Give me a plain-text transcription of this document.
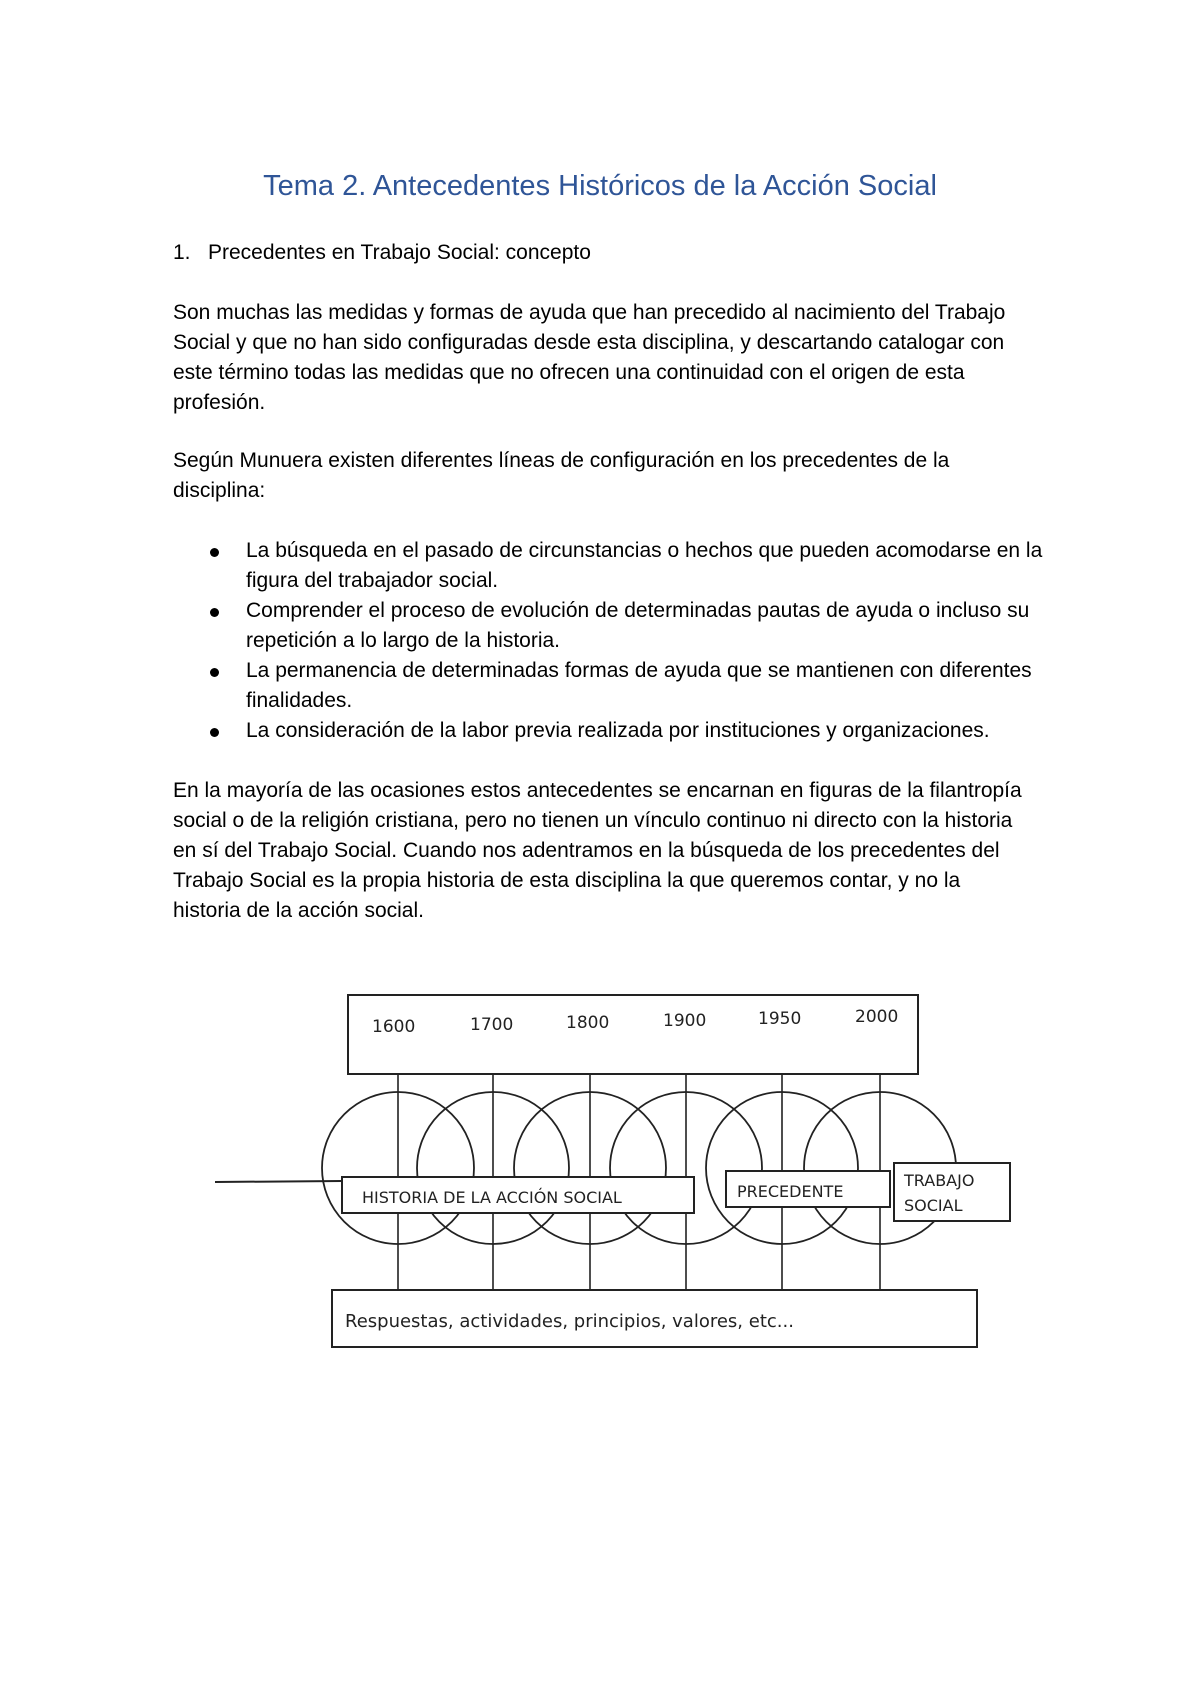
Tema 2. Antecedentes Históricos de la Acción Social
1. Precedentes en Trabajo Social: concepto
Son muchas las medidas y formas de ayuda que han precedido al nacimiento del Trabajo Social y que no han sido configuradas desde esta disciplina, y descartando catalogar con este término todas las medidas que no ofrecen una continuidad con el origen de esta profesión.
Según Munuera existen diferentes líneas de configuración en los precedentes de la disciplina:
La búsqueda en el pasado de circunstancias o hechos que pueden acomodarse en la figura del trabajador social.
Comprender el proceso de evolución de determinadas pautas de ayuda o incluso su repetición a lo largo de la historia.
La permanencia de determinadas formas de ayuda que se mantienen con diferentes finalidades.
La consideración de la labor previa realizada por instituciones y organizaciones.
En la mayoría de las ocasiones estos antecedentes se encarnan en figuras de la filantropía social o de la religión cristiana, pero no tienen un vínculo continuo ni directo con la historia en sí del Trabajo Social. Cuando nos adentramos en la búsqueda de los precedentes del Trabajo Social es la propia historia de esta disciplina la que queremos contar, y no la historia de la acción social.
1600	1700	1800	1900	1950	2000
HISTORIA DE LA ACCIÓN SOCIAL	PRECEDENTE
TRABAJO
SOCIAL
Respuestas, actividades, principios, valores, etc...
